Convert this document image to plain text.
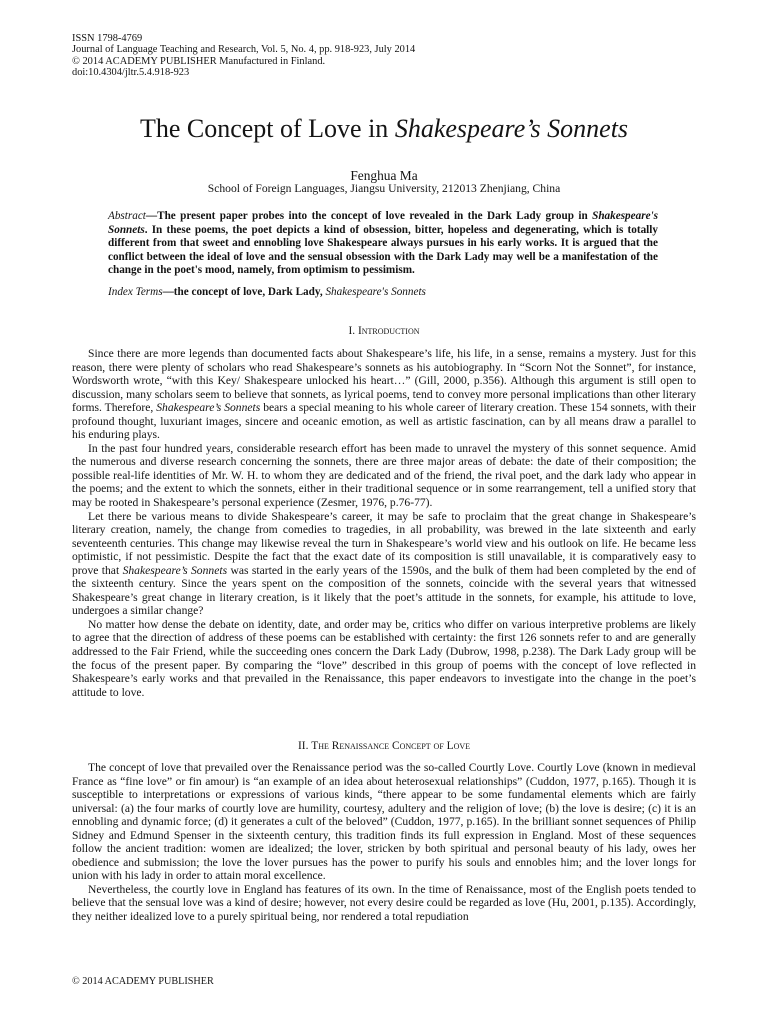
ISSN 1798-4769
Journal of Language Teaching and Research, Vol. 5, No. 4, pp. 918-923, July 2014
© 2014 ACADEMY PUBLISHER Manufactured in Finland.
doi:10.4304/jltr.5.4.918-923
The Concept of Love in Shakespeare’s Sonnets
Fenghua Ma
School of Foreign Languages, Jiangsu University, 212013 Zhenjiang, China
Abstract—The present paper probes into the concept of love revealed in the Dark Lady group in Shakespeare's Sonnets. In these poems, the poet depicts a kind of obsession, bitter, hopeless and degenerating, which is totally different from that sweet and ennobling love Shakespeare always pursues in his early works. It is argued that the conflict between the ideal of love and the sensual obsession with the Dark Lady may well be a manifestation of the change in the poet's mood, namely, from optimism to pessimism.
Index Terms—the concept of love, Dark Lady, Shakespeare's Sonnets
I. Introduction

Since there are more legends than documented facts about Shakespeare’s life, his life, in a sense, remains a mystery. Just for this reason, there were plenty of scholars who read Shakespeare’s sonnets as his autobiography. In “Scorn Not the Sonnet”, for instance, Wordsworth wrote, “with this Key/ Shakespeare unlocked his heart…” (Gill, 2000, p.356). Although this argument is still open to discussion, many scholars seem to believe that sonnets, as lyrical poems, tend to convey more personal implications than other literary forms. Therefore, Shakespeare’s Sonnets bears a special meaning to his whole career of literary creation. These 154 sonnets, with their profound thought, luxuriant images, sincere and oceanic emotion, as well as artistic fascination, can by all means draw a parallel to his enduring plays.

In the past four hundred years, considerable research effort has been made to unravel the mystery of this sonnet sequence. Amid the numerous and diverse research concerning the sonnets, there are three major areas of debate: the date of their composition; the possible real-life identities of Mr. W. H. to whom they are dedicated and of the friend, the rival poet, and the dark lady who appear in the poems; and the extent to which the sonnets, either in their traditional sequence or in some rearrangement, tell a unified story that may be rooted in Shakespeare’s personal experience (Zesmer, 1976, p.76-77).

Let there be various means to divide Shakespeare’s career, it may be safe to proclaim that the great change in Shakespeare’s literary creation, namely, the change from comedies to tragedies, in all probability, was brewed in the late sixteenth and early seventeenth centuries. This change may likewise reveal the turn in Shakespeare’s world view and his outlook on life. He became less optimistic, if not pessimistic. Despite the fact that the exact date of its composition is still unavailable, it is comparatively easy to prove that Shakespeare’s Sonnets was started in the early years of the 1590s, and the bulk of them had been completed by the end of the sixteenth century. Since the years spent on the composition of the sonnets, coincide with the several years that witnessed Shakespeare’s great change in literary creation, is it likely that the poet’s attitude in the sonnets, for example, his attitude to love, undergoes a similar change?

No matter how dense the debate on identity, date, and order may be, critics who differ on various interpretive problems are likely to agree that the direction of address of these poems can be established with certainty: the first 126 sonnets refer to and are generally addressed to the Fair Friend, while the succeeding ones concern the Dark Lady (Dubrow, 1998, p.238). The Dark Lady group will be the focus of the present paper. By comparing the “love” described in this group of poems with the concept of love reflected in Shakespeare’s early works and that prevailed in the Renaissance, this paper endeavors to investigate into the change in the poet’s attitude to love.

II. The Renaissance Concept of Love

The concept of love that prevailed over the Renaissance period was the so-called Courtly Love. Courtly Love (known in medieval France as “fine love” or fin amour) is “an example of an idea about heterosexual relationships” (Cuddon, 1977, p.165). Though it is susceptible to interpretations or expressions of various kinds, “there appear to be some fundamental elements which are fairly universal: (a) the four marks of courtly love are humility, courtesy, adultery and the religion of love; (b) the love is desire; (c) it is an ennobling and dynamic force; (d) it generates a cult of the beloved” (Cuddon, 1977, p.165). In the brilliant sonnet sequences of Philip Sidney and Edmund Spenser in the sixteenth century, this tradition finds its full expression in England. Most of these sequences follow the ancient tradition: women are idealized; the lover, stricken by both spiritual and personal beauty of his lady, owes her obedience and submission; the love the lover pursues has the power to purify his souls and ennobles him; and the lover longs for union with his lady in order to attain moral excellence.

Nevertheless, the courtly love in England has features of its own. In the time of Renaissance, most of the English poets tended to believe that the sensual love was a kind of desire; however, not every desire could be regarded as love (Hu, 2001, p.135). Accordingly, they neither idealized love to a purely spiritual being, nor rendered a total repudiation

© 2014 ACADEMY PUBLISHER
